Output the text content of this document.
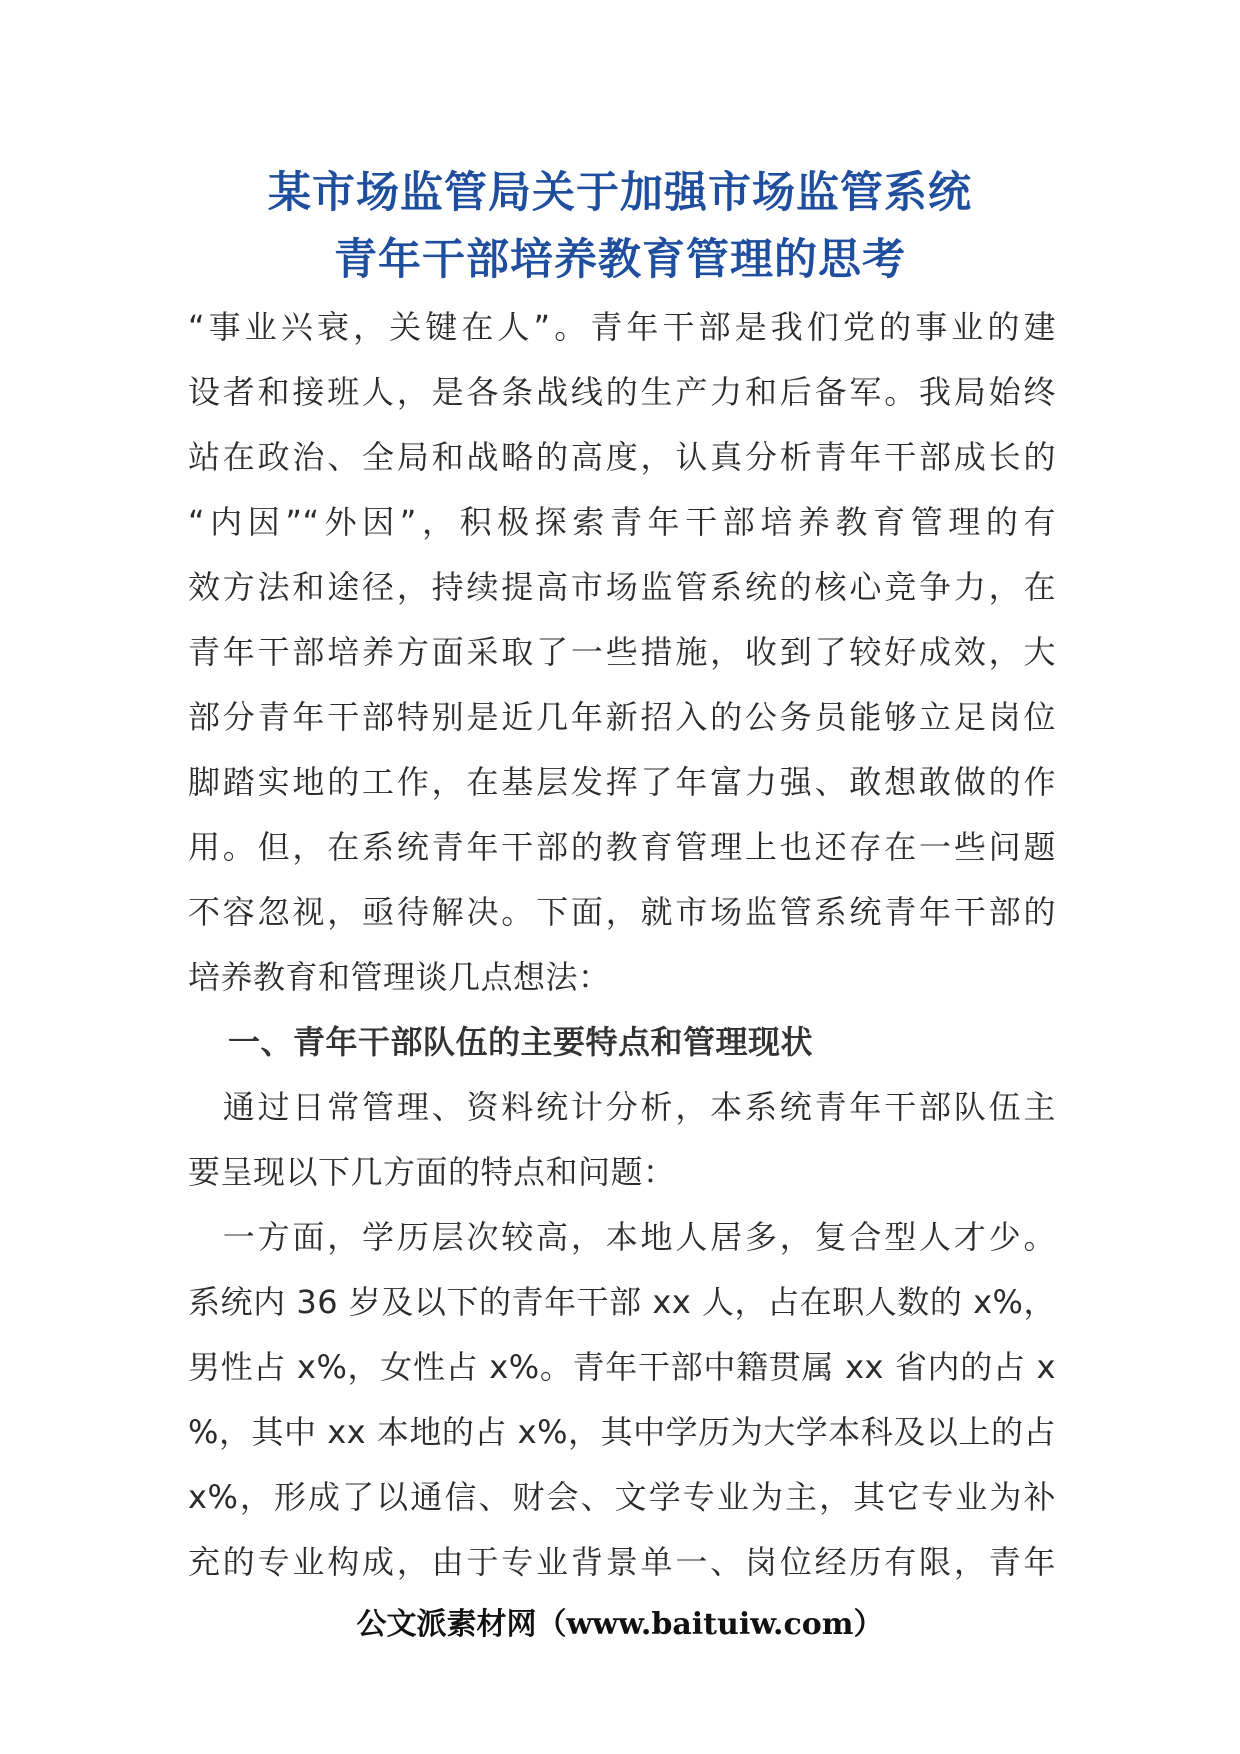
某市场监管局关于加强市场监管系统
青年干部培养教育管理的思考
“事业兴衰，关键在人”。青年干部是我们党的事业的建
设者和接班人，是各条战线的生产力和后备军。我局始终
站在政治、全局和战略的高度，认真分析青年干部成长的
“内因”“外因”，积极探索青年干部培养教育管理的有
效方法和途径，持续提高市场监管系统的核心竞争力，在
青年干部培养方面采取了一些措施，收到了较好成效，大
部分青年干部特别是近几年新招入的公务员能够立足岗位
脚踏实地的工作，在基层发挥了年富力强、敢想敢做的作
用。但，在系统青年干部的教育管理上也还存在一些问题
不容忽视，亟待解决。下面，就市场监管系统青年干部的
培养教育和管理谈几点想法：
一、青年干部队伍的主要特点和管理现状
　通过日常管理、资料统计分析，本系统青年干部队伍主
要呈现以下几方面的特点和问题：
　一方面，学历层次较高，本地人居多，复合型人才少。
系统内 36 岁及以下的青年干部 xx 人，占在职人数的 x%，
男性占 x%，女性占 x%。青年干部中籍贯属 xx 省内的占 x
%，其中 xx 本地的占 x%，其中学历为大学本科及以上的占
x%，形成了以通信、财会、文学专业为主，其它专业为补
充的专业构成，由于专业背景单一、岗位经历有限，青年
公文派素材网（www.baituiw.com）
